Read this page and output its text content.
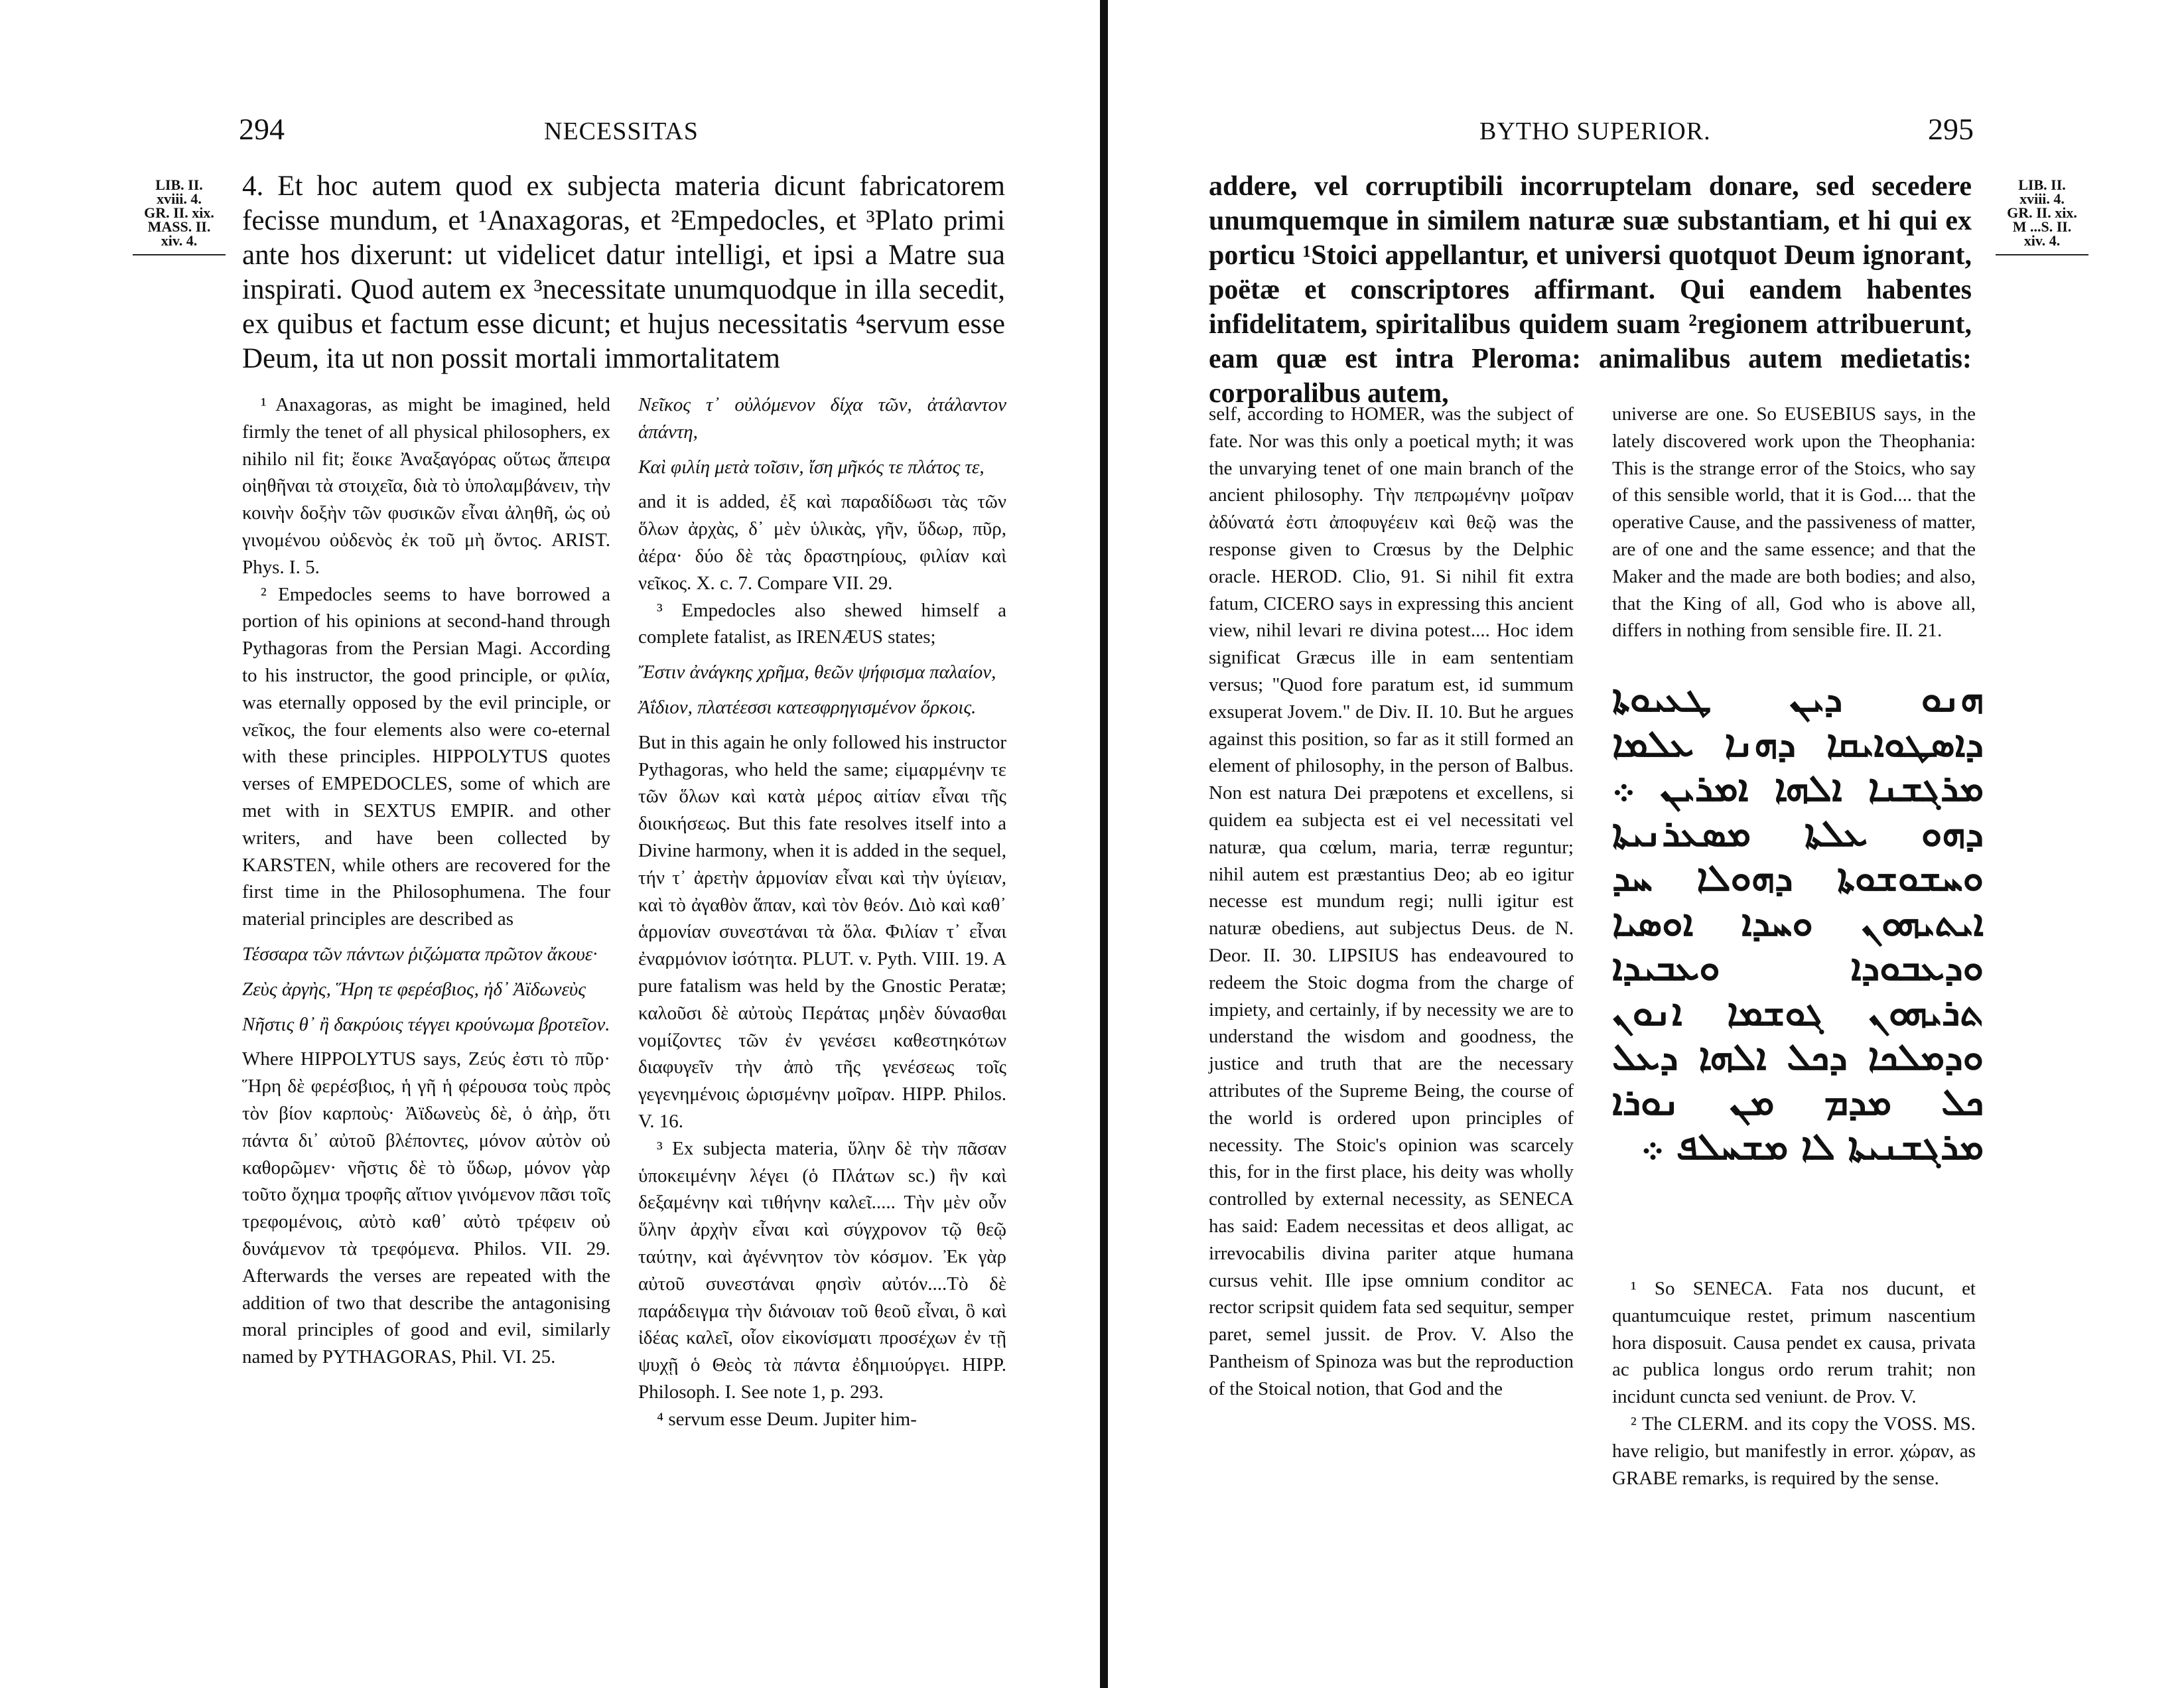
294	NECESSITAS
LIB. II.
xviii. 4.
GR. II. xix.
MASS. II.
xiv. 4.

4. Et hoc autem quod ex subjecta materia dicunt fabricatorem fecisse mundum, et ¹Anaxagoras, et ²Empedocles, et ³Plato primi ante hos dixerunt: ut videlicet datur intelligi, et ipsi a Matre sua inspirati. Quod autem ex ³necessitate unumquodque in illa secedit, ex quibus et factum esse dicunt; et hujus necessitatis ⁴servum esse Deum, ita ut non possit mortali immortalitatem

¹ Anaxagoras, as might be imagined, held firmly the tenet of all physical philosophers, ex nihilo nil fit; ἔοικε Ἀναξαγόρας οὕτως ἄπειρα οἰηθῆναι τὰ στοιχεῖα, διὰ τὸ ὑπολαμβάνειν, τὴν κοινὴν δοξὴν τῶν φυσικῶν εἶναι ἀληθῆ, ὡς οὐ γινομένου οὐδενὸς ἐκ τοῦ μὴ ὄντος. ARIST. Phys. I. 5.

² Empedocles seems to have borrowed a portion of his opinions at second-hand through Pythagoras from the Persian Magi. According to his instructor, the good principle, or φιλία, was eternally opposed by the evil principle, or νεῖκος, the four elements also were co-eternal with these principles. HIPPOLYTUS quotes verses of EMPEDOCLES, some of which are met with in SEXTUS EMPIR. and other writers, and have been collected by KARSTEN, while others are recovered for the first time in the Philosophumena. The four material principles are described as

Τέσσαρα τῶν πάντων ῥιζώματα πρῶτον ἄκουε·

Ζεὺς ἀργὴς, Ἥρη τε φερέσβιος, ἠδ᾽ Ἀϊδωνεὺς

Νῆστις θ᾽ ἢ δακρύοις τέγγει κρούνωμα βροτεῖον.

Where HIPPOLYTUS says, Ζεύς ἐστι τὸ πῦρ· Ἥρη δὲ φερέσβιος, ἡ γῆ ἡ φέρουσα τοὺς πρὸς τὸν βίον καρποὺς· Ἀϊδωνεὺς δὲ, ὁ ἀὴρ, ὅτι πάντα δι᾽ αὐτοῦ βλέποντες, μόνον αὐτὸν οὐ καθορῶμεν· νῆστις δὲ τὸ ὕδωρ, μόνον γὰρ τοῦτο ὄχημα τροφῆς αἴτιον γινόμενον πᾶσι τοῖς τρεφομένοις, αὐτὸ καθ᾽ αὐτὸ τρέφειν οὐ δυνάμενον τὰ τρεφόμενα. Philos. VII. 29. Afterwards the verses are repeated with the addition of two that describe the antagonising moral principles of good and evil, similarly named by PYTHAGORAS, Phil. VI. 25.

Νεῖκος τ᾽ οὐλόμενον δίχα τῶν, ἀτάλαντον ἁπάντη,

Καὶ φιλίη μετὰ τοῖσιν, ἴση μῆκός τε πλάτος τε,

and it is added, ἐξ καὶ παραδίδωσι τὰς τῶν ὅλων ἀρχὰς, δ᾽ μὲν ὑλικὰς, γῆν, ὕδωρ, πῦρ, ἀέρα· δύο δὲ τὰς δραστηρίους, φιλίαν καὶ νεῖκος. X. c. 7. Compare VII. 29.

³ Empedocles also shewed himself a complete fatalist, as IRENÆUS states;

Ἔστιν ἀνάγκης χρῆμα, θεῶν ψήφισμα παλαίον,

Ἀΐδιον, πλατέεσσι κατεσφρηγισμένον ὅρκοις.

But in this again he only followed his instructor Pythagoras, who held the same; εἱμαρμένην τε τῶν ὅλων καὶ κατὰ μέρος αἰτίαν εἶναι τῆς διοικήσεως. But this fate resolves itself into a Divine harmony, when it is added in the sequel, τήν τ᾽ ἀρετὴν ἁρμονίαν εἶναι καὶ τὴν ὑγίειαν, καὶ τὸ ἀγαθὸν ἅπαν, καὶ τὸν θεόν. Διὸ καὶ καθ᾽ ἁρμονίαν συνεστάναι τὰ ὅλα. Φιλίαν τ᾽ εἶναι ἐναρμόνιον ἰσότητα. PLUT. v. Pyth. VIII. 19. A pure fatalism was held by the Gnostic Peratæ; καλοῦσι δὲ αὐτοὺς Περάτας μηδὲν δύνασθαι νομίζοντες τῶν ἐν γενέσει καθεστηκότων διαφυγεῖν τὴν ἀπὸ τῆς γενέσεως τοῖς γεγενημένοις ὡρισμένην μοῖραν. HIPP. Philos. V. 16.

³ Ex subjecta materia, ὕλην δὲ τὴν πᾶσαν ὑποκειμένην λέγει (ὁ Πλάτων sc.) ἣν καὶ δεξαμένην καὶ τιθήνην καλεῖ..... Τὴν μὲν οὖν ὕλην ἀρχὴν εἶναι καὶ σύγχρονον τῷ θεῷ ταύτην, καὶ ἀγέννητον τὸν κόσμον. Ἐκ γὰρ αὐτοῦ συνεστάναι φησὶν αὐτόν....Τὸ δὲ παράδειγμα τὴν διάνοιαν τοῦ θεοῦ εἶναι, ὃ καὶ ἰδέας καλεῖ, οἷον εἰκονίσματι προσέχων ἐν τῇ ψυχῇ ὁ Θεὸς τὰ πάντα ἐδημιούργει. HIPP. Philosoph. I. See note 1, p. 293.

⁴ servum esse Deum. Jupiter him-

BYTHO SUPERIOR.	295
LIB. II.
xviii. 4.
GR. II. xix.
M ...S. II.
xiv. 4.

addere, vel corruptibili incorruptelam donare, sed secedere unumquemque in similem naturæ suæ substantiam, et hi qui ex porticu ¹Stoici appellantur, et universi quotquot Deum ignorant, poëtæ et conscriptores affirmant. Qui eandem habentes infidelitatem, spiritalibus quidem suam ²regionem attribuerunt, eam quæ est intra Pleroma: animalibus autem medietatis: corporalibus autem,

self, according to HOMER, was the subject of fate. Nor was this only a poetical myth; it was the unvarying tenet of one main branch of the ancient philosophy. Τὴν πεπρωμένην μοῖραν ἀδύνατά ἐστι ἀποφυγέειν καὶ θεῷ was the response given to Crœsus by the Delphic oracle. HEROD. Clio, 91. Si nihil fit extra fatum, CICERO says in expressing this ancient view, nihil levari re divina potest.... Hoc idem significat Græcus ille in eam sententiam versus; "Quod fore paratum est, id summum exsuperat Jovem." de Div. II. 10. But he argues against this position, so far as it still formed an element of philosophy, in the person of Balbus. Non est natura Dei præpotens et excellens, si quidem ea subjecta est ei vel necessitati vel naturæ, qua cœlum, maria, terræ reguntur; nihil autem est præstantius Deo; ab eo igitur necesse est mundum regi; nulli igitur est naturæ obediens, aut subjectus Deus. de N. Deor. II. 30. LIPSIUS has endeavoured to redeem the Stoic dogma from the charge of impiety, and certainly, if by necessity we are to understand the wisdom and goodness, the justice and truth that are the necessary attributes of the Supreme Being, the course of the world is ordered upon principles of necessity. The Stoic's opinion was scarcely this, for in the first place, his deity was wholly controlled by external necessity, as SENECA has said: Eadem necessitas et deos alligat, ac irrevocabilis divina pariter atque humana cursus vehit. Ille ipse omnium conditor ac rector scripsit quidem fata sed sequitur, semper paret, semel jussit. de Prov. V. Also the Pantheism of Spinoza was but the reproduction of the Stoical notion, that God and the

universe are one. So EUSEBIUS says, in the lately discovered work upon the Theophania: This is the strange error of the Stoics, who say of this sensible world, that it is God.... that the operative Cause, and the passiveness of matter, are of one and the same essence; and that the Maker and the made are both bodies; and also, that the King of all, God who is above all, differs in nothing from sensible fire. II. 21.

¹ So SENECA. Fata nos ducunt, et quantumcuique restet, primum nascentium hora disposuit. Causa pendet ex causa, privata ac publica longus ordo rerum trahit; non incidunt cuncta sed veniunt. de Prov. V.

² The CLERM. and its copy the VOSS. MS. have religio, but manifestly in error. χώραν, as GRABE remarks, is required by the sense.

ܗܢܘ ܕܝܢ ܛܥܝܘܬܐ ܕܐܣܛܘܐܝܩܐ ܕܗܢܐ ܥܠܡܐ ܡܪܓܫܢܐ ܐܠܗܐ ܐܡܪܝܢ ܀ ܕܗܘ ܥܠܬܐ ܡܣܥܪܢܝܬܐ ܘܚܫܘܫܘܬܐ ܕܗܘܠܐ ܚܕ ܐܝܬܝܗܘܢ ܘܚܕܐ ܐܘܣܝܐ ܘܕܥܒܘܕܐ ܘܥܒܝܕܐ ܬܪܝܗܘܢ ܓܘܫܡܐ ܐܢܘܢ ܘܕܡܠܟܐ ܕܟܠ ܐܠܗܐ ܕܥܠ ܟܠ ܡܕܡ ܡܢ ܢܘܪܐ ܡܪܓܫܢܝܬܐ ܠܐ ܡܫܚܠܦ ܀
